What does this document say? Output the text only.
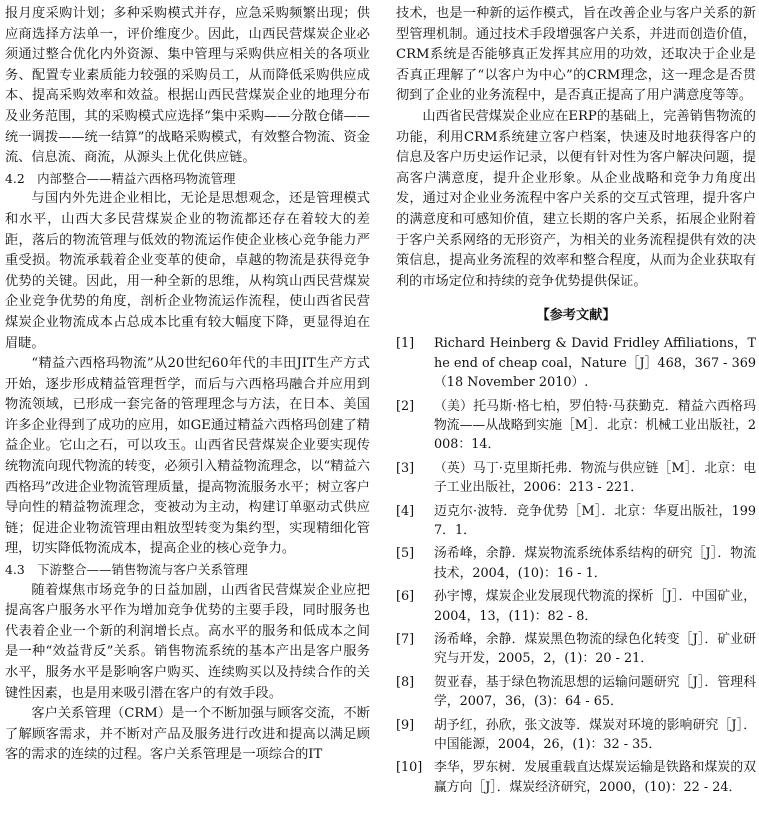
报月度采购计划；多种采购模式并存，应急采购频繁出现；供应商选择方法单一，评价维度少。因此，山西民营煤炭企业必须通过整合优化内外资源、集中管理与采购供应相关的各项业务、配置专业素质能力较强的采购员工，从而降低采购供应成本、提高采购效率和效益。根据山西民营煤炭企业的地理分布及业务范围，其的采购模式应选择“集中采购——分散仓储——统一调拨——统一结算”的战略采购模式，有效整合物流、资金流、信息流、商流，从源头上优化供应链。

4.2 内部整合——精益六西格玛物流管理

与国内外先进企业相比，无论是思想观念，还是管理模式和水平，山西大多民营煤炭企业的物流都还存在着较大的差距，落后的物流管理与低效的物流运作使企业核心竞争能力严重受损。物流承载着企业变革的使命，卓越的物流是获得竞争优势的关键。因此，用一种全新的思维，从构筑山西民营煤炭企业竞争优势的角度，剖析企业物流运作流程，使山西省民营煤炭企业物流成本占总成本比重有较大幅度下降，更显得迫在眉睫。

“精益六西格玛物流”从20世纪60年代的丰田JIT生产方式开始，逐步形成精益管理哲学，而后与六西格玛融合并应用到物流领域，已形成一套完备的管理理念与方法，在日本、美国许多企业得到了成功的应用，如GE通过精益六西格玛创建了精益企业。它山之石，可以攻玉。山西省民营煤炭企业要实现传统物流向现代物流的转变，必须引入精益物流理念，以“精益六西格玛”改进企业物流管理质量，提高物流服务水平；树立客户导向性的精益物流理念，变被动为主动，构建订单驱动式供应链；促进企业物流管理由粗放型转变为集约型，实现精细化管理，切实降低物流成本，提高企业的核心竞争力。

4.3 下游整合——销售物流与客户关系管理

随着煤焦市场竞争的日益加剧，山西省民营煤炭企业应把提高客户服务水平作为增加竞争优势的主要手段，同时服务也代表着企业一个新的利润增长点。高水平的服务和低成本之间是一种“效益背反”关系。销售物流系统的基本产出是客户服务水平，服务水平是影响客户购买、连续购买以及持续合作的关键性因素，也是用来吸引潜在客户的有效手段。

客户关系管理（CRM）是一个不断加强与顾客交流，不断了解顾客需求，并不断对产品及服务进行改进和提高以满足顾客的需求的连续的过程。客户关系管理是一项综合的IT

技术，也是一种新的运作模式，旨在改善企业与客户关系的新型管理机制。通过技术手段增强客户关系，并进而创造价值，CRM系统是否能够真正发挥其应用的功效，还取决于企业是否真正理解了“以客户为中心”的CRM理念，这一理念是否贯彻到了企业的业务流程中，是否真正提高了用户满意度等等。

山西省民营煤炭企业应在ERP的基础上，完善销售物流的功能，利用CRM系统建立客户档案，快速及时地获得客户的信息及客户历史运作记录，以便有针对性为客户解决问题，提高客户满意度，提升企业形象。从企业战略和竞争力角度出发，通过对企业业务流程中客户关系的交互式管理，提升客户的满意度和可感知价值，建立长期的客户关系，拓展企业附着于客户关系网络的无形资产，为相关的业务流程提供有效的决策信息，提高业务流程的效率和整合程度，从而为企业获取有利的市场定位和持续的竞争优势提供保证。

【参考文献】
[1] Richard Heinberg & David Fridley Affiliations，The end of cheap coal，Nature［J］468，367 - 369（18 November 2010）.
[2] （美）托马斯·格七柏，罗伯特·马获勤克．精益六西格玛物流——从战略到实施［M］．北京：机械工业出版社，2008：14．
[3] （英）马丁·克里斯托弗．物流与供应链［M］．北京：电子工业出版社，2006：213 - 221．
[4] 迈克尔·波特．竞争优势［M］．北京：华夏出版社，1997．1．
[5] 汤希峰，余静．煤炭物流系统体系结构的研究［J］．物流技术，2004，(10)：16 - 1．
[6] 孙宇博，煤炭企业发展现代物流的探析［J］．中国矿业，2004，13，(11)：82 - 8．
[7] 汤希峰，余静．煤炭黑色物流的绿色化转变［J］．矿业研究与开发，2005，2，(1)：20 - 21．
[8] 贺亚春，基于绿色物流思想的运输问题研究［J］．管理科学，2007，36，(3)：64 - 65．
[9] 胡予红，孙欣，张文波等．煤炭对环境的影响研究［J］．中国能源，2004，26，(1)：32 - 35．
[10] 李华，罗东树．发展重载直达煤炭运输是铁路和煤炭的双赢方向［J］．煤炭经济研究，2000，(10)：22 - 24．
